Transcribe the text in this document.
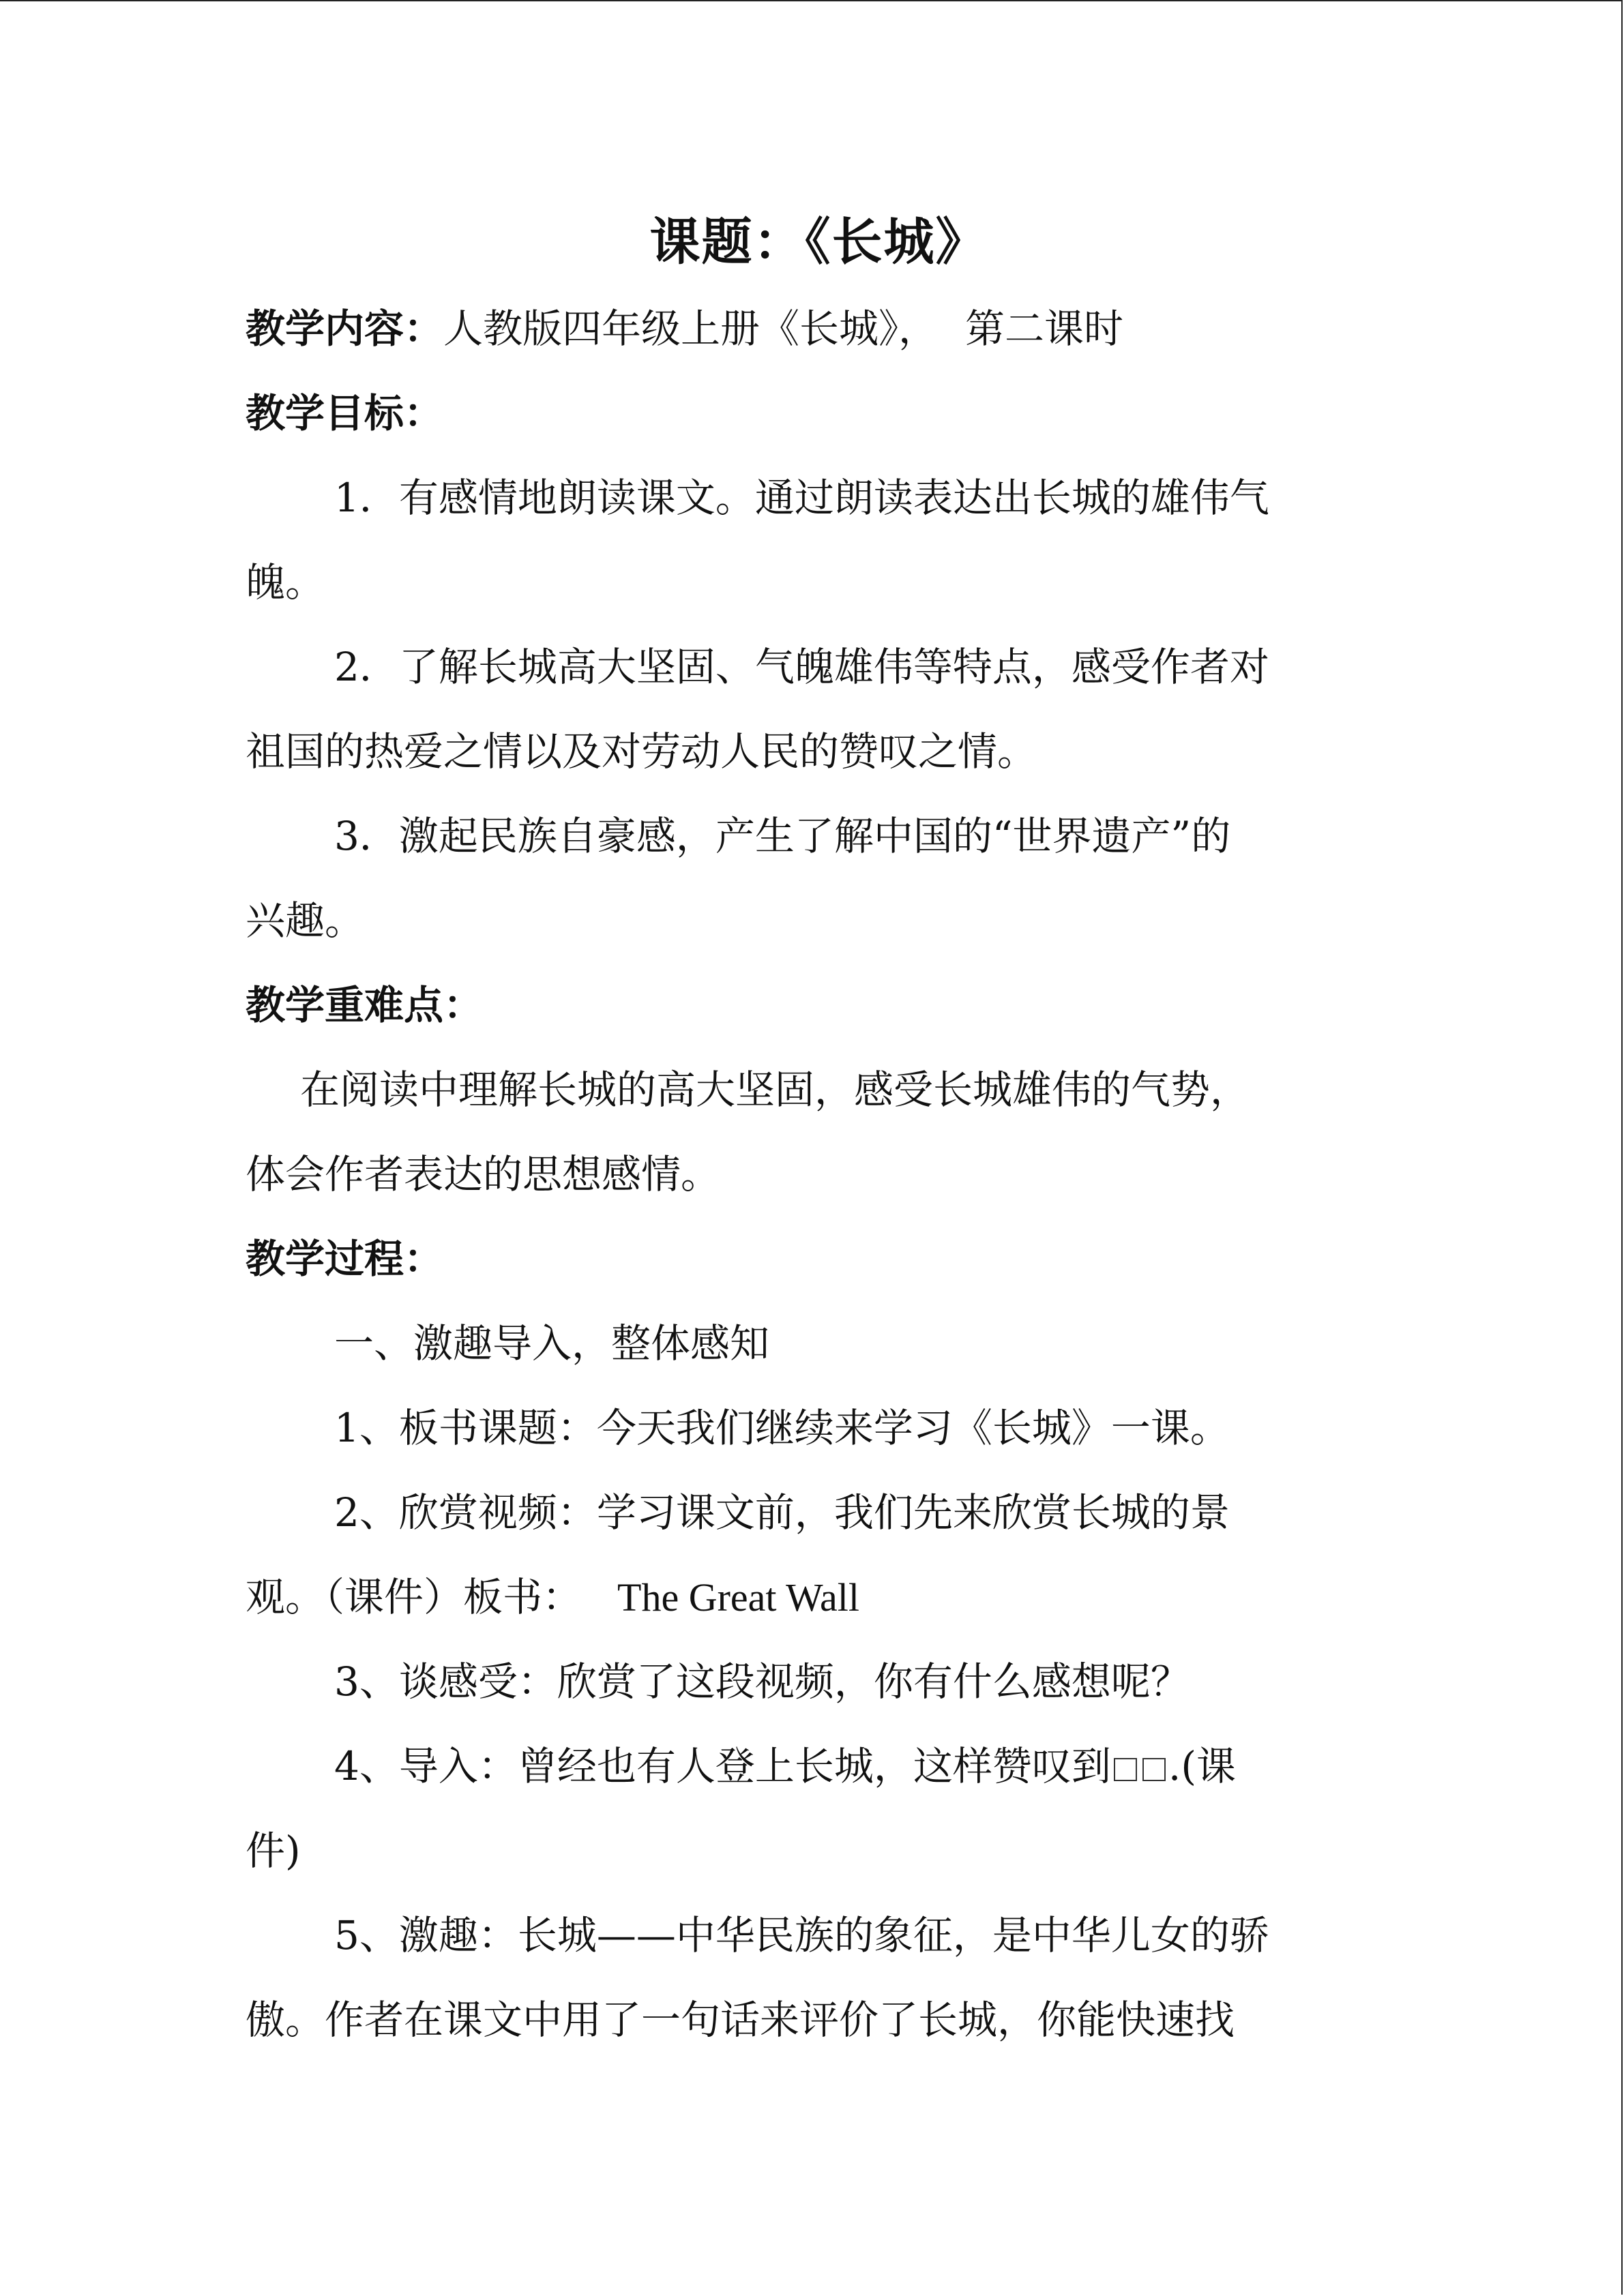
课题：《长城》

教学内容：人教版四年级上册《长城》， 第二课时

教学目标：

1．有感情地朗读课文。通过朗读表达出长城的雄伟气

魄。

2．了解长城高大坚固、气魄雄伟等特点，感受作者对

祖国的热爱之情以及对劳动人民的赞叹之情。

3．激起民族自豪感，产生了解中国的“世界遗产”的

兴趣。

教学重难点：

在阅读中理解长城的高大坚固，感受长城雄伟的气势，

体会作者表达的思想感情。

教学过程：

一、激趣导入，整体感知

1、板书课题：今天我们继续来学习《长城》一课。

2、欣赏视频：学习课文前，我们先来欣赏长城的景

观。（课件）板书： The Great Wall

3、谈感受：欣赏了这段视频，你有什么感想呢？

4、导入：曾经也有人登上长城，这样赞叹到 .(课

件)

5、激趣：长城——中华民族的象征，是中华儿女的骄

傲。作者在课文中用了一句话来评价了长城，你能快速找
